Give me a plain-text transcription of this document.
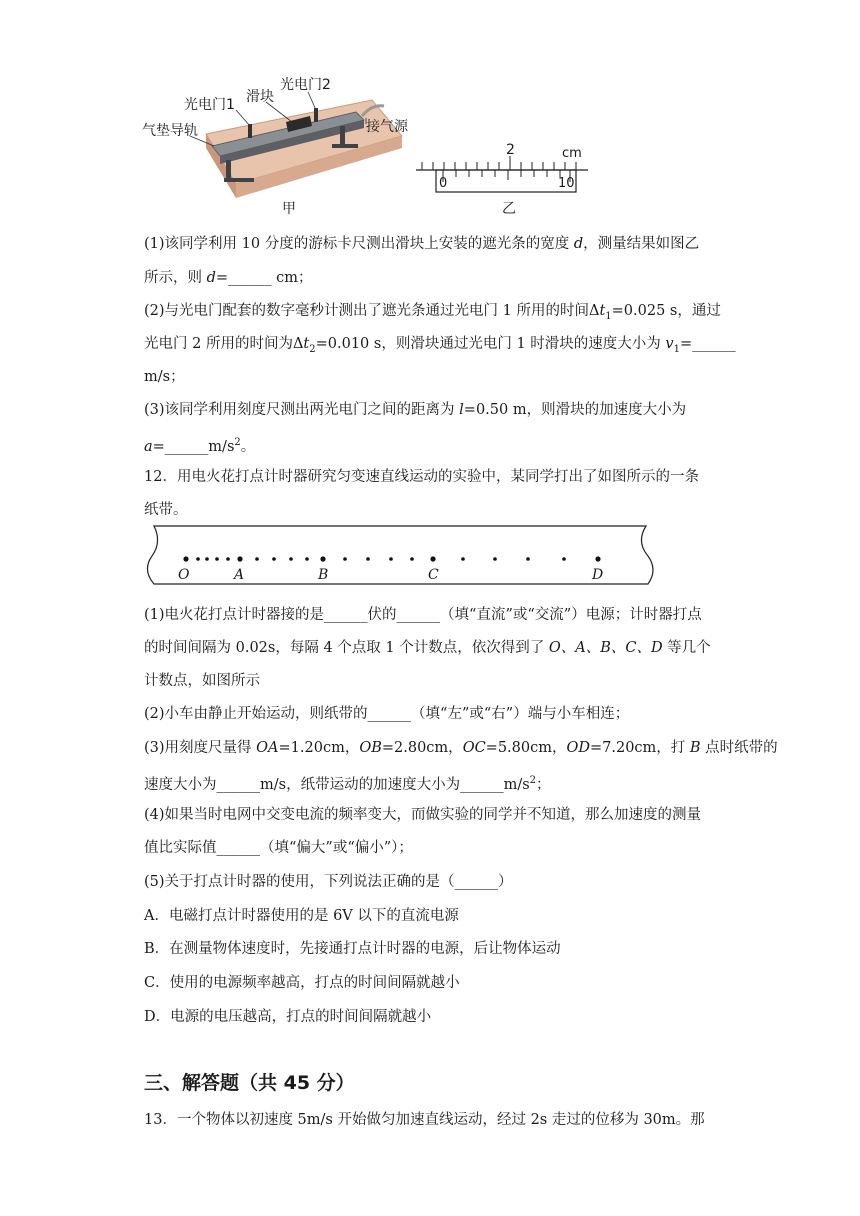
光电门1 滑块
光电门2
气垫导轨	接气源
甲
2	cm
0	10
乙
(1)该同学利用 10 分度的游标卡尺测出滑块上安装的遮光条的宽度 d，测量结果如图乙
所示，则 d=______ cm；
(2)与光电门配套的数字毫秒计测出了遮光条通过光电门 1 所用的时间$\Delta t_1=0.025$ s，通过
光电门 2 所用的时间为$\Delta t_2=0.010$ s，则滑块通过光电门 1 时滑块的速度大小为 $v_1=\_\_\_\_\_\_$
m/s；
(3)该同学利用刻度尺测出两光电门之间的距离为 l=0.50 m，则滑块的加速度大小为
$a=\_\_\_\_\_\_m/s^2$。
12．用电火花打点计时器研究匀变速直线运动的实验中，某同学打出了如图所示的一条
纸带。
O	A	B	C	D
(1)电火花打点计时器接的是______伏的______（填“直流”或“交流”）电源；计时器打点
的时间间隔为 0.02s，每隔 4 个点取 1 个计数点，依次得到了 O、A、B、C、D 等几个
计数点，如图所示
(2)小车由静止开始运动，则纸带的______（填“左”或“右”）端与小车相连；
(3)用刻度尺量得 OA=1.20cm，OB=2.80cm，OC=5.80cm，OD=7.20cm，打 B 点时纸带的
速度大小为______m/s，纸带运动的加速度大小为$\_\_\_\_\_\_m/s^2$；
(4)如果当时电网中交变电流的频率变大，而做实验的同学并不知道，那么加速度的测量
值比实际值______（填“偏大”或“偏小”）；
(5)关于打点计时器的使用，下列说法正确的是（______）
A．电磁打点计时器使用的是 6V 以下的直流电源
B．在测量物体速度时，先接通打点计时器的电源，后让物体运动
C．使用的电源频率越高，打点的时间间隔就越小
D．电源的电压越高，打点的时间间隔就越小
三、解答题（共 45 分）
13．一个物体以初速度 5m/s 开始做匀加速直线运动，经过 2s 走过的位移为 30m。那
